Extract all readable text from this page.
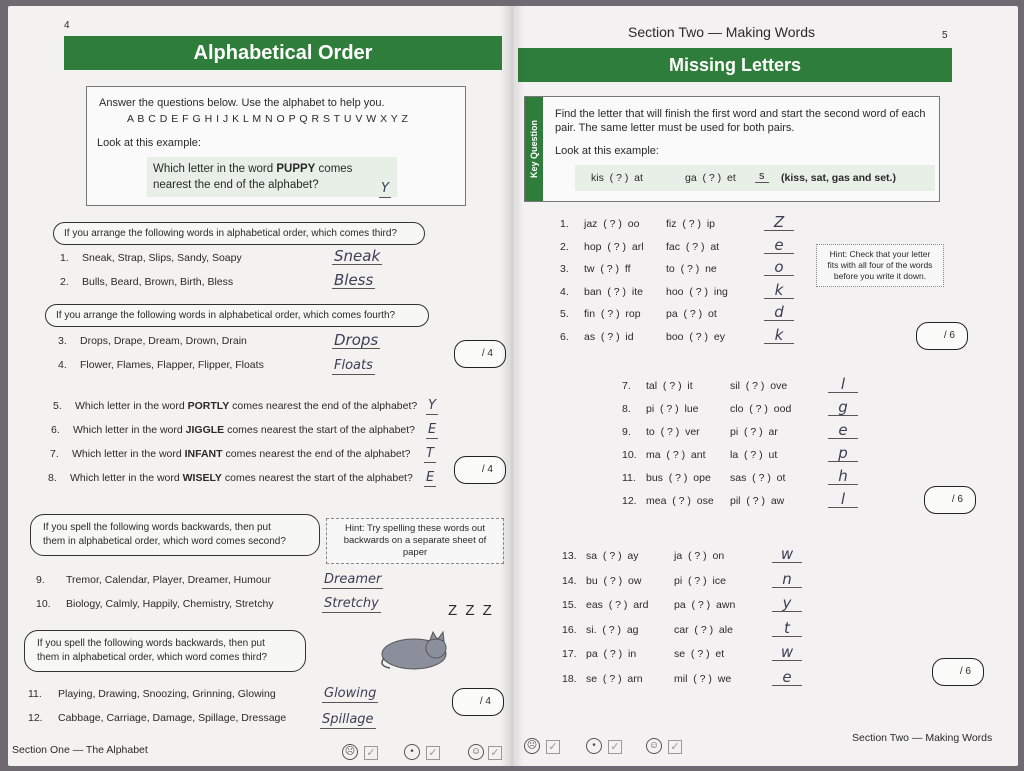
4
Alphabetical Order
Answer the questions below. Use the alphabet to help you.
A B C D E F G H I J K L M N O P Q R S T U V W X Y Z
Look at this example:
Which letter in the word PUPPY comes
nearest the end of the alphabet?	Y
If you arrange the following words in alphabetical order, which comes third?
1. Sneak, Strap, Slips, Sandy, Soapy	Sneak
2. Bulls, Beard, Brown, Birth, Bless	Bless
If you arrange the following words in alphabetical order, which comes fourth?
3. Drops, Drape, Dream, Drown, Drain	Drops
4. Flower, Flames, Flapper, Flipper, Floats	Floats
/ 4
5. Which letter in the word PORTLY comes nearest the end of the alphabet? Y
6. Which letter in the word JIGGLE comes nearest the start of the alphabet? E
7. Which letter in the word INFANT comes nearest the end of the alphabet? T
8. Which letter in the word WISELY comes nearest the start of the alphabet? E
/ 4
If you spell the following words backwards, then put
them in alphabetical order, which word comes second?
Hint: Try spelling these words out
backwards on a separate sheet of paper
9. Tremor, Calendar, Player, Dreamer, Humour	Dreamer
10. Biology, Calmly, Happily, Chemistry, Stretchy	Stretchy
If you spell the following words backwards, then put
them in alphabetical order, which word comes third?
Z Z Z
11. Playing, Drawing, Snoozing, Grinning, Glowing	Glowing
12. Cabbage, Carriage, Damage, Spillage, Dressage	Spillage
/ 4
Section One — The Alphabet	☹ ✓	•	✓	☺ ✓
Section Two — Making Words	5
Missing Letters
Key Question
Find the letter that will finish the first word and start the second word of each pair. The same letter must be used for both pairs.
Look at this example:
kis  ( ? )  at	ga  ( ? )  et	s	(kiss, sat, gas and set.)
1. jaz  ( ? )  oo	fiz  ( ? )  ip	Z
2. hop  ( ? )  arl fac  ( ? )  at	e
3. tw  ( ? )  ff	to  ( ? )  ne	o
4. ban  ( ? )  ite hoo  ( ? )  ing	k
5. fin  ( ? )  rop pa  ( ? )  ot	d
6. as  ( ? )  id	boo  ( ? )  ey	k
Hint: Check that your letter
fits with all four of the words
before you write it down.
/ 6
7. tal  ( ? )  it	sil  ( ? )  ove	l
8. pi  ( ? )  lue	clo  ( ? )  ood	g
9. to  ( ? )  ver	pi  ( ? )  ar	e
10. ma  ( ? )  ant la  ( ? )  ut	p
11. bus  ( ? )  ope sas  ( ? )  ot	h
12. mea  ( ? )  ose pil  ( ? )  aw	l	/ 6
13. sa  ( ? )  ay	ja  ( ? )  on	w
14. bu  ( ? )  ow	pi  ( ? )  ice	n
15. eas  ( ? )  ard pa  ( ? )  awn	y
16. si.  ( ? )  ag	car  ( ? )  ale	t
17. pa  ( ? )  in	se  ( ? )  et	w
18. se  ( ? )  arn	mil  ( ? )  we	e	/ 6
☹ ✓	•	✓	☺ ✓
Section Two — Making Words
